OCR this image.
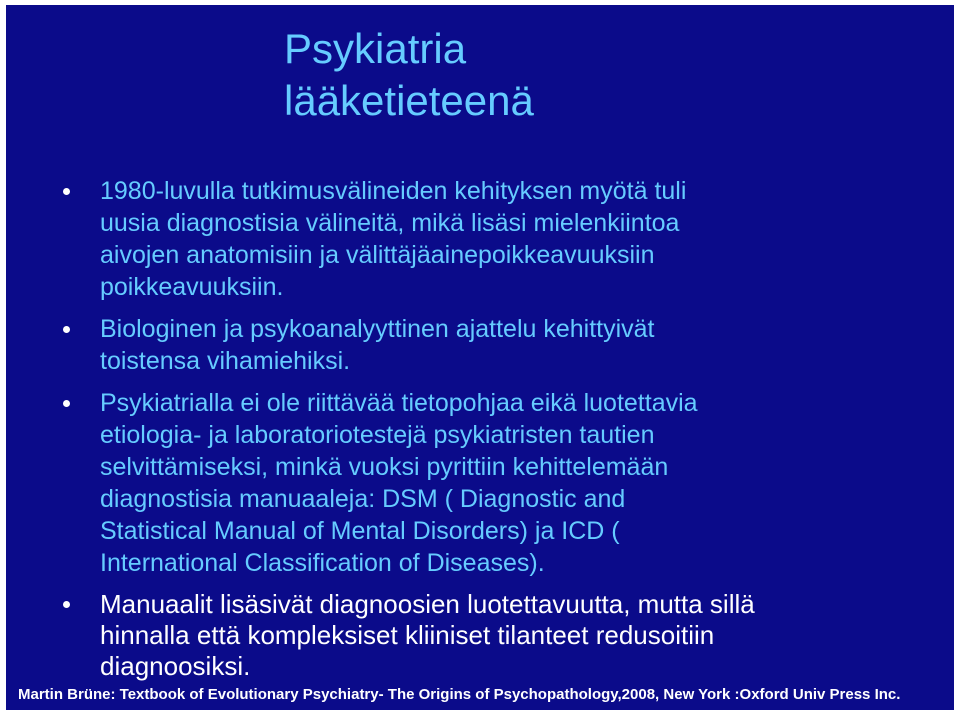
Psykiatria
lääketieteenä
1980-luvulla tutkimusvälineiden kehityksen myötä tuli
uusia diagnostisia välineitä, mikä lisäsi mielenkiintoa
aivojen anatomisiin ja välittäjäainepoikkeavuuksiin
poikkeavuuksiin.
Biologinen ja psykoanalyyttinen ajattelu kehittyivät
toistensa vihamiehiksi.
Psykiatrialla ei ole riittävää tietopohjaa eikä luotettavia
etiologia- ja laboratoriotestejä psykiatristen tautien
selvittämiseksi, minkä vuoksi pyrittiin kehittelemään
diagnostisia manuaaleja: DSM ( Diagnostic and
Statistical Manual of Mental Disorders) ja ICD (
International Classification of Diseases).
Manuaalit lisäsivät diagnoosien luotettavuutta, mutta sillä
hinnalla että kompleksiset kliiniset tilanteet redusoitiin
diagnoosiksi.

Martin Brüne: Textbook of Evolutionary Psychiatry- The Origins of Psychopathology,2008, New York :Oxford Univ Press Inc.
